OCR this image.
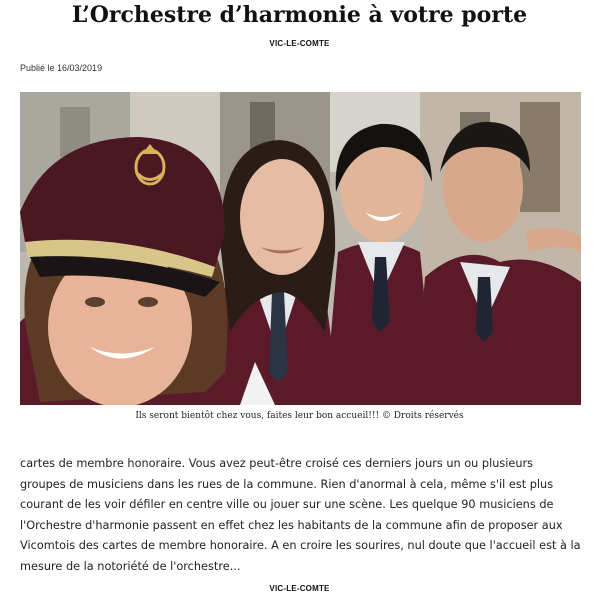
L’Orchestre d’harmonie à votre porte
VIC-LE-COMTE
Publié le 16/03/2019
Ils seront bientôt chez vous, faites leur bon accueil!!! © Droits réservés

cartes de membre honoraire. Vous avez peut-être croisé ces derniers jours un ou plusieurs groupes de musiciens dans les rues de la commune. Rien d'anormal à cela, même s'il est plus courant de les voir défiler en centre ville ou jouer sur une scène. Les quelque 90 musiciens de l'Orchestre d'harmonie passent en effet chez les habitants de la commune afin de proposer aux Vicomtois des cartes de membre honoraire. A en croire les sourires, nul doute que l'accueil est à la mesure de la notoriété de l'orchestre...

VIC-LE-COMTE
